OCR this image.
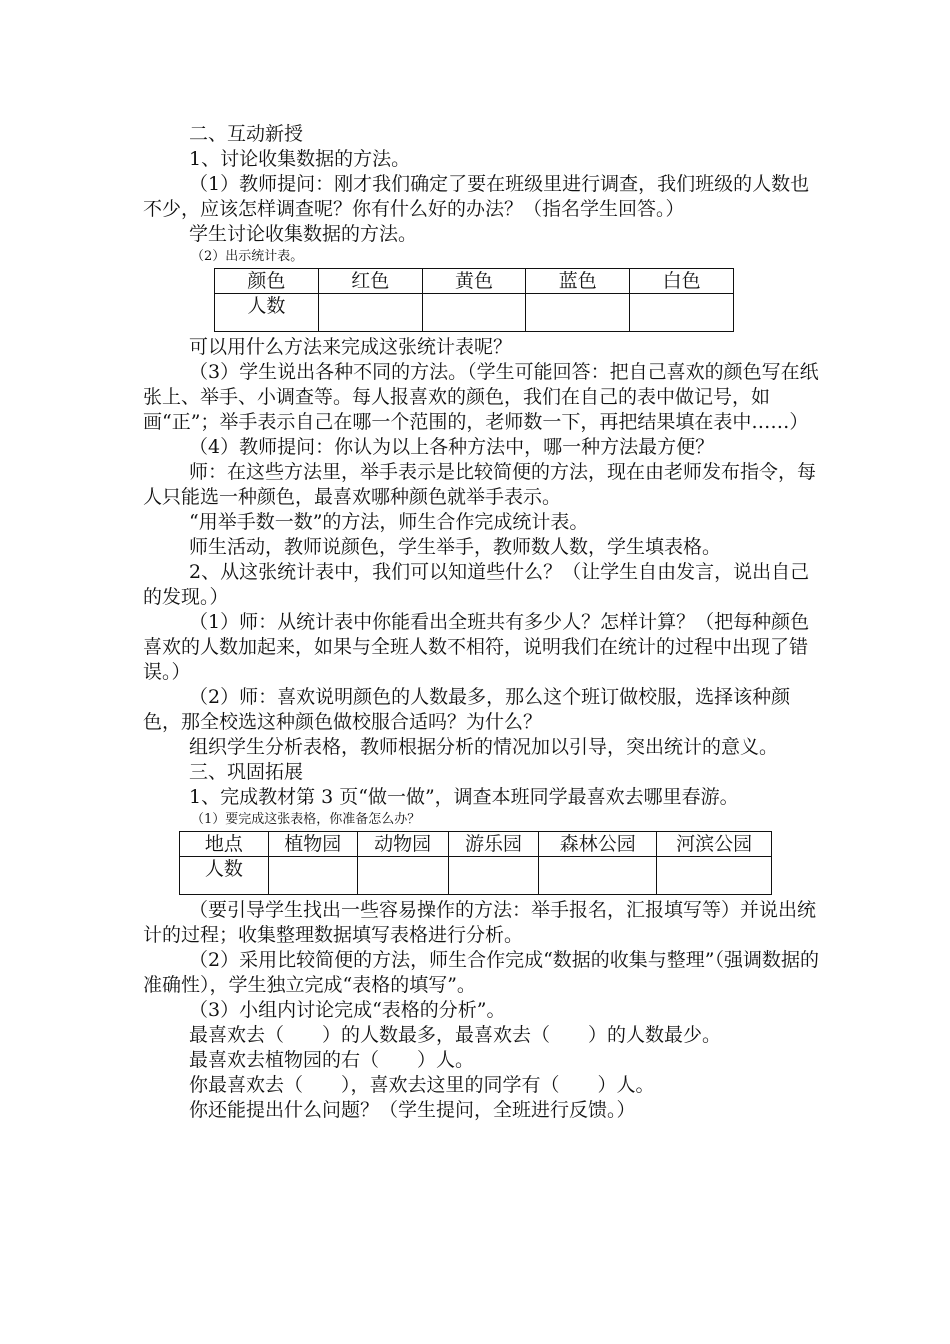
二、互动新授

1、讨论收集数据的方法。

（1）教师提问：刚才我们确定了要在班级里进行调查，我们班级的人数也不少，应该怎样调查呢？你有什么好的办法？（指名学生回答。）

学生讨论收集数据的方法。

（2）出示统计表。

颜色	红色	黄色	蓝色	白色
人数				

可以用什么方法来完成这张统计表呢？

（3）学生说出各种不同的方法。（学生可能回答：把自己喜欢的颜色写在纸张上、举手、小调查等。每人报喜欢的颜色，我们在自己的表中做记号，如画“正”；举手表示自己在哪一个范围的，老师数一下，再把结果填在表中……）

（4）教师提问：你认为以上各种方法中，哪一种方法最方便？

师：在这些方法里，举手表示是比较简便的方法，现在由老师发布指令，每人只能选一种颜色，最喜欢哪种颜色就举手表示。

“用举手数一数”的方法，师生合作完成统计表。

师生活动，教师说颜色，学生举手，教师数人数，学生填表格。

2、从这张统计表中，我们可以知道些什么？（让学生自由发言，说出自己的发现。）

（1）师：从统计表中你能看出全班共有多少人？怎样计算？（把每种颜色喜欢的人数加起来，如果与全班人数不相符，说明我们在统计的过程中出现了错误。）

（2）师：喜欢说明颜色的人数最多，那么这个班订做校服，选择该种颜色，那全校选这种颜色做校服合适吗？为什么？

组织学生分析表格，教师根据分析的情况加以引导，突出统计的意义。

三、巩固拓展

1、完成教材第 3 页“做一做”，调查本班同学最喜欢去哪里春游。

（1）要完成这张表格，你准备怎么办？

地点	植物园	动物园	游乐园	森林公园	河滨公园
人数					

（要引导学生找出一些容易操作的方法：举手报名，汇报填写等）并说出统计的过程；收集整理数据填写表格进行分析。

（2）采用比较简便的方法，师生合作完成“数据的收集与整理”（强调数据的准确性），学生独立完成“表格的填写”。

（3）小组内讨论完成“表格的分析”。

最喜欢去（　　）的人数最多，最喜欢去（　　）的人数最少。

最喜欢去植物园的右（　　）人。

你最喜欢去（　　），喜欢去这里的同学有（　　）人。

你还能提出什么问题？（学生提问，全班进行反馈。）
